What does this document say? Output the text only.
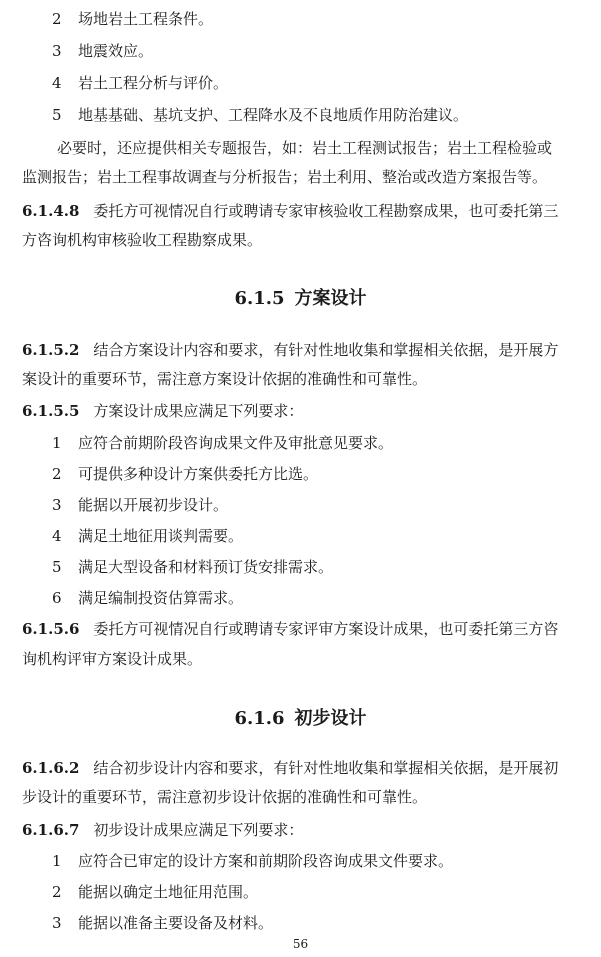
2 场地岩土工程条件。
3 地震效应。
4 岩土工程分析与评价。
5 地基基础、基坑支护、工程降水及不良地质作用防治建议。
必要时，还应提供相关专题报告，如：岩土工程测试报告；岩土工程检验或
监测报告；岩土工程事故调查与分析报告；岩土利用、整治或改造方案报告等。
6.1.4.8 委托方可视情况自行或聘请专家审核验收工程勘察成果，也可委托第三
方咨询机构审核验收工程勘察成果。
6.1.5 方案设计
6.1.5.2 结合方案设计内容和要求，有针对性地收集和掌握相关依据，是开展方
案设计的重要环节，需注意方案设计依据的准确性和可靠性。
6.1.5.5 方案设计成果应满足下列要求：
1 应符合前期阶段咨询成果文件及审批意见要求。
2 可提供多种设计方案供委托方比选。
3 能据以开展初步设计。
4 满足土地征用谈判需要。
5 满足大型设备和材料预订货安排需求。
6 满足编制投资估算需求。
6.1.5.6 委托方可视情况自行或聘请专家评审方案设计成果，也可委托第三方咨
询机构评审方案设计成果。
6.1.6 初步设计
6.1.6.2 结合初步设计内容和要求，有针对性地收集和掌握相关依据，是开展初
步设计的重要环节，需注意初步设计依据的准确性和可靠性。
6.1.6.7 初步设计成果应满足下列要求：
1 应符合已审定的设计方案和前期阶段咨询成果文件要求。
2 能据以确定土地征用范围。
3 能据以准备主要设备及材料。
56
